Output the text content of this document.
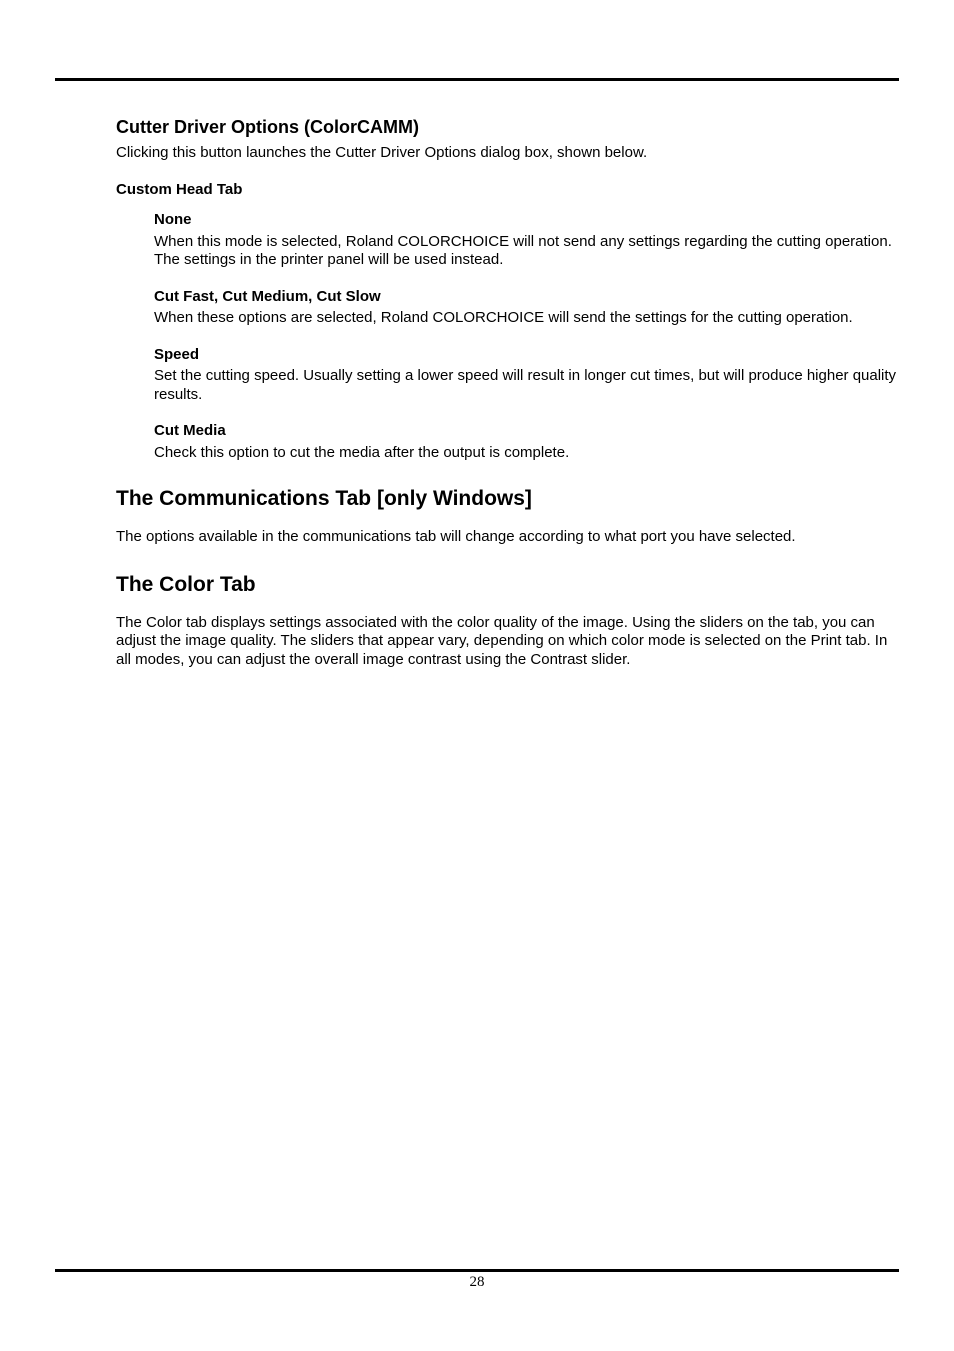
Cutter Driver Options (ColorCAMM)
Clicking this button launches the Cutter Driver Options dialog box, shown below.
Custom Head Tab
None
When this mode is selected, Roland COLORCHOICE will not send any settings regarding the cutting operation. The settings in the printer panel will be used instead.
Cut Fast, Cut Medium, Cut Slow
When these options are selected, Roland COLORCHOICE will send the settings for the cutting operation.
Speed
Set the cutting speed. Usually setting a lower speed will result in longer cut times, but will produce higher quality results.
Cut Media
Check this option to cut the media after the output is complete.
The Communications Tab [only Windows]
The options available in the communications tab will change according to what port you have selected.
The Color Tab
The Color tab displays settings associated with the color quality of the image. Using the sliders on the tab, you can adjust the image quality. The sliders that appear vary, depending on which color mode is selected on the Print tab. In all modes, you can adjust the overall image contrast using the Contrast slider.
28
